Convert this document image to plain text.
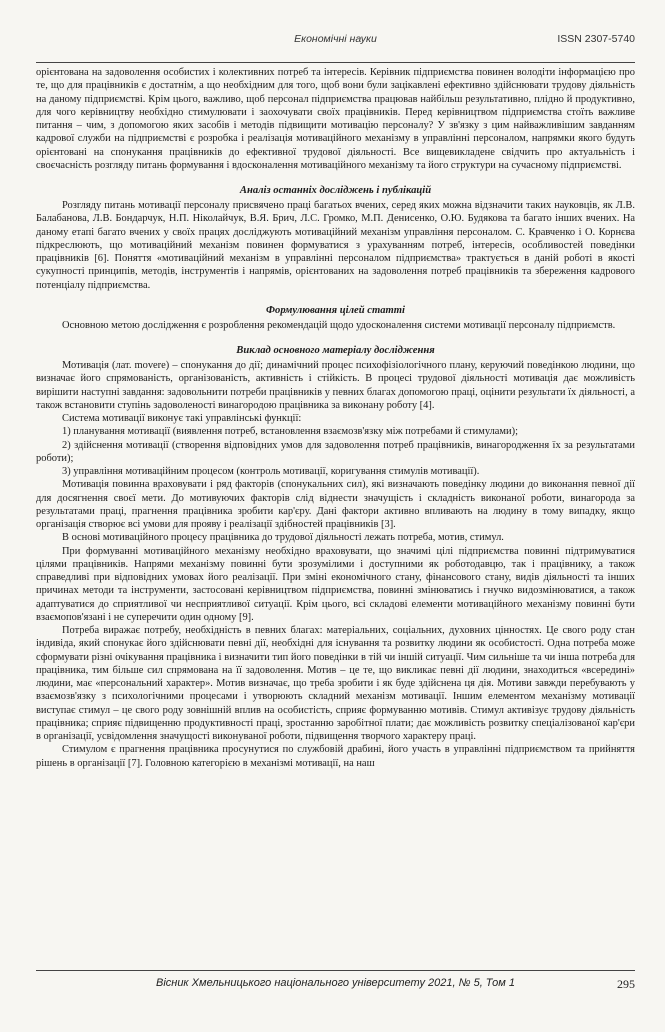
Економічні науки	ISSN 2307-5740

орієнтована на задоволення особистих і колективних потреб та інтересів. Керівник підприємства повинен володіти інформацією про те, що для працівників є достатнім, а що необхідним для того, щоб вони були зацікавлені ефективно здійснювати трудову діяльність на даному підприємстві. Крім цього, важливо, щоб персонал підприємства працював найбільш результативно, плідно й продуктивно, для чого керівництву необхідно стимулювати і заохочувати своїх працівників. Перед керівництвом підприємства стоїть важливе питання – чим, з допомогою яких засобів і методів підвищити мотивацію персоналу? У зв'язку з цим найважливішим завданням кадрової служби на підприємстві є розробка і реалізація мотиваційного механізму в управлінні персоналом, напрямки якого будуть орієнтовані на спонукання працівників до ефективної трудової діяльності. Все вищевикладене свідчить про актуальність і своєчасність розгляду питань формування і вдосконалення мотиваційного механізму та його структури на сучасному підприємстві.

Аналіз останніх досліджень і публікацій

Розгляду питань мотивації персоналу присвячено праці багатьох вчених, серед яких можна відзначити таких науковців, як Л.В. Балабанова, Л.В. Бондарчук, Н.П. Ніколайчук, В.Я. Брич, Л.С. Громко, М.П. Денисенко, О.Ю. Будякова та багато інших вчених. На даному етапі багато вчених у своїх працях досліджують мотиваційний механізм управління персоналом. С. Кравченко і О. Корнєва підкреслюють, що мотиваційний механізм повинен формуватися з урахуванням потреб, інтересів, особливостей поведінки працівників [6]. Поняття «мотиваційний механізм в управлінні персоналом підприємства» трактується в даній роботі в якості сукупності принципів, методів, інструментів і напрямів, орієнтованих на задоволення потреб працівників та збереження кадрового потенціалу підприємства.

Формулювання цілей статті

Основною метою дослідження є розроблення рекомендацій щодо удосконалення системи мотивації персоналу підприємств.

Виклад основного матеріалу дослідження

Мотивація (лат. movere) – спонукання до дії; динамічний процес психофізіологічного плану, керуючий поведінкою людини, що визначає його спрямованість, організованість, активність і стійкість. В процесі трудової діяльності мотивація дає можливість вирішити наступні завдання: задовольнити потреби працівників у певних благах допомогою праці, оцінити результати їх діяльності, а також встановити ступінь задоволеності винагородою працівника за виконану роботу [4].

Система мотивації виконує такі управлінські функції:

1) планування мотивації (виявлення потреб, встановлення взаємозв'язку між потребами й стимулами);

2) здійснення мотивації (створення відповідних умов для задоволення потреб працівників, винагородження їх за результатами роботи);

3) управління мотиваційним процесом (контроль мотивації, коригування стимулів мотивації).

Мотивація повинна враховувати і ряд факторів (спонукальних сил), які визначають поведінку людини до виконання певної дії для досягнення своєї мети. До мотивуючих факторів слід віднести значущість і складність виконаної роботи, винагорода за результатами праці, прагнення працівника зробити кар'єру. Дані фактори активно впливають на людину в тому випадку, якщо організація створює всі умови для прояву і реалізації здібностей працівників [3].

В основі мотиваційного процесу працівника до трудової діяльності лежать потреба, мотив, стимул.

При формуванні мотиваційного механізму необхідно враховувати, що значимі цілі підприємства повинні підтримуватися цілями працівників. Напрями механізму повинні бути зрозумілими і доступними як роботодавцю, так і працівнику, а також справедливі при відповідних умовах його реалізації. При зміні економічного стану, фінансового стану, видів діяльності та інших причинах методи та інструменти, застосовані керівництвом підприємства, повинні змінюватись і гнучко видозмінюватися, а також адаптуватися до сприятливої чи несприятливої ситуації. Крім цього, всі складові елементи мотиваційного механізму повинні бути взаємопов'язані і не суперечити один одному [9].

Потреба виражає потребу, необхідність в певних благах: матеріальних, соціальних, духовних цінностях. Це свого роду стан індивіда, який спонукає його здійснювати певні дії, необхідні для існування та розвитку людини як особистості. Одна потреба може сформувати різні очікування працівника і визначити тип його поведінки в тій чи іншій ситуації. Чим сильніше та чи інша потреба для працівника, тим більше сил спрямована на її задоволення. Мотив – це те, що викликає певні дії людини, знаходиться «всередині» людини, має «персональний характер». Мотив визначає, що треба зробити і як буде здійснена ця дія. Мотиви завжди перебувають у взаємозв'язку з психологічними процесами і утворюють складний механізм мотивації. Іншим елементом механізму мотивації виступає стимул – це свого роду зовнішній вплив на особистість, сприяє формуванню мотивів. Стимул активізує трудову діяльність працівника; сприяє підвищенню продуктивності праці, зростанню заробітної плати; дає можливість розвитку спеціалізованої кар'єри в організації, усвідомлення значущості виконуваної роботи, підвищення творчого характеру праці.

Стимулом є прагнення працівника просунутися по службовій драбині, його участь в управлінні підприємством та прийняття рішень в організації [7]. Головною категорією в механізмі мотивації, на наш

Вісник Хмельницького національного університету 2021, № 5, Том 1	295
